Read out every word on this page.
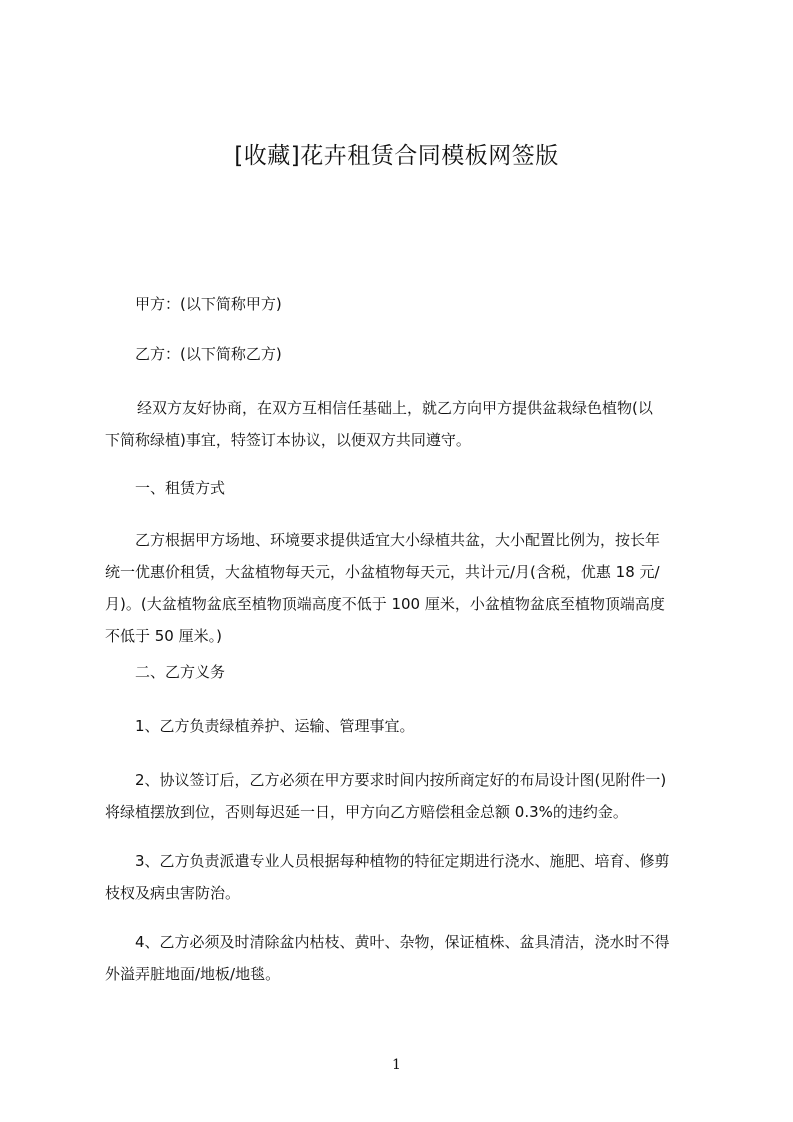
[收藏]花卉租赁合同模板网签版
甲方：(以下简称甲方)
乙方：(以下简称乙方)
经双方友好协商，在双方互相信任基础上，就乙方向甲方提供盆栽绿色植物(以
下简称绿植)事宜，特签订本协议，以便双方共同遵守。
一、租赁方式
乙方根据甲方场地、环境要求提供适宜大小绿植共盆，大小配置比例为，按长年
统一优惠价租赁，大盆植物每天元，小盆植物每天元，共计元/月(含税，优惠 18 元/
月)。(大盆植物盆底至植物顶端高度不低于 100 厘米，小盆植物盆底至植物顶端高度
不低于 50 厘米。)
二、乙方义务
1、乙方负责绿植养护、运输、管理事宜。
2、协议签订后，乙方必须在甲方要求时间内按所商定好的布局设计图(见附件一)
将绿植摆放到位，否则每迟延一日，甲方向乙方赔偿租金总额 0.3%的违约金。
3、乙方负责派遣专业人员根据每种植物的特征定期进行浇水、施肥、培育、修剪
枝杈及病虫害防治。
4、乙方必须及时清除盆内枯枝、黄叶、杂物，保证植株、盆具清洁，浇水时不得
外溢弄脏地面/地板/地毯。
1
